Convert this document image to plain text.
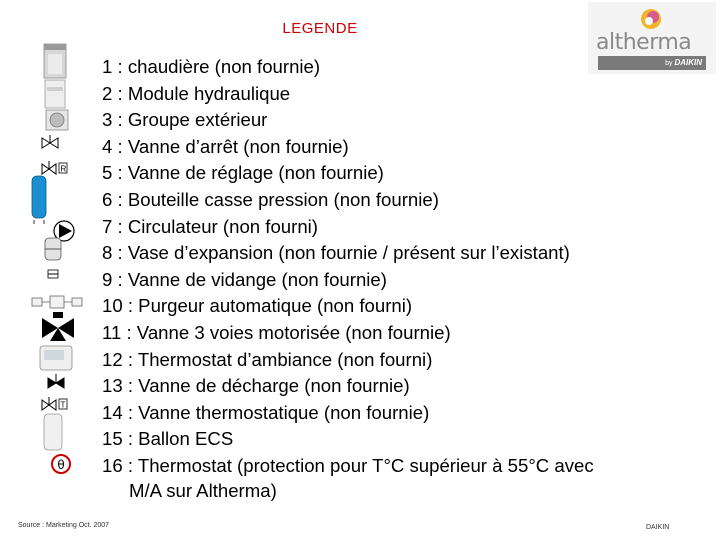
LEGENDE
altherma
by DAIKIN
R
T
θ
1 : chaudière (non fournie)
2 : Module hydraulique
3 : Groupe extérieur
4 : Vanne d’arrêt (non fournie)
5 : Vanne de réglage (non fournie)
6 : Bouteille casse pression (non fournie)
7 : Circulateur (non fourni)
8 : Vase d’expansion (non fournie / présent sur l’existant)
9 : Vanne de vidange (non fournie)
10 : Purgeur automatique (non fourni)
11 : Vanne 3 voies motorisée (non fournie)
12 : Thermostat d’ambiance (non fourni)
13 : Vanne de décharge (non fournie)
14 : Vanne thermostatique (non fournie)
15 : Ballon ECS
16 : Thermostat (protection pour T°C supérieur à 55°C avec
M/A sur Altherma)
Source : Marketing Oct. 2007	DAIKIN
